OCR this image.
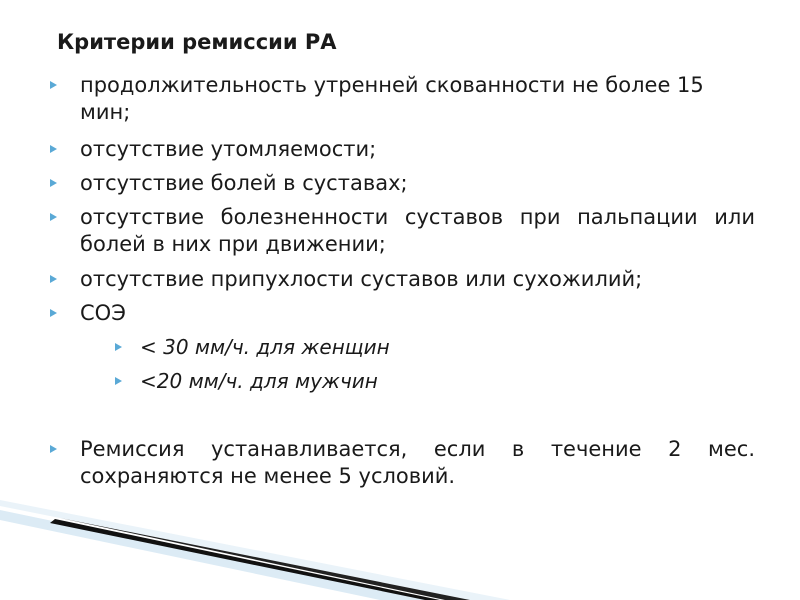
Критерии ремиссии РА
продолжительность утренней скованности не более 15 мин;
отсутствие утомляемости;
отсутствие болей в суставах;
отсутствие болезненности суставов при пальпации или болей в них при движении;
отсутствие припухлости суставов или сухожилий;
СОЭ
< 30 мм/ч. для женщин
<20 мм/ч. для мужчин
Ремиссия устанавливается, если в течение 2 мес. сохраняются не менее 5 условий.
